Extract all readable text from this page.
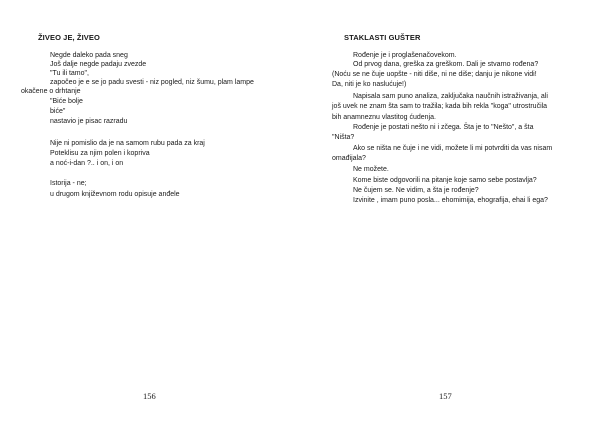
ŽIVEO JE, ŽIVEO
Negde daleko pada sneg
Još dalje negde padaju zvezde
"Tu ili tamo",
započeo je e se jo padu svesti - niz pogled, niz šumu, plam lampe
okačene o drhtanje
"Biće bolje
biće"
nastavio je pisac razradu
Nije ni pomislio da je na samom rubu pada za kraj
Poteklisu za njim polen i kopriva
a noć-i-dan ?.. i on, i on
Istorija - ne;
u drugom književnom rodu opisuje anđele
156
STAKLASTI GUŠTER
Rođenje je i proglašenačovekom.
Od prvog dana, greška za greškom. Dali je stvarno rođena?
(Noću se ne čuje uopšte - niti diše, ni ne diše; danju je nikone vidi!
Da, niti je ko naslućuje!)
Napisala sam puno analiza, zaključaka naučnih istraživanja, ali
još uvek ne znam šta sam to tražila; kada bih rekla "koga" utrostručila
bih anamneznu vlastitog ćudenja.
Rođenje je postati nešto ni i zčega. Šta je to "Nešto", a šta
"Ništa?
Ako se ništa ne čuje i ne vidi, možete li mi potvrditi da vas nisam
omađijala?
Ne možete.
Kome biste odgovorili na pitanje koje samo sebe postavlja?
Ne čujem se. Ne vidim, a šta je rođenje?
Izvinite , imam puno posla... ehomimija, ehografija, ehai li ega?
157
